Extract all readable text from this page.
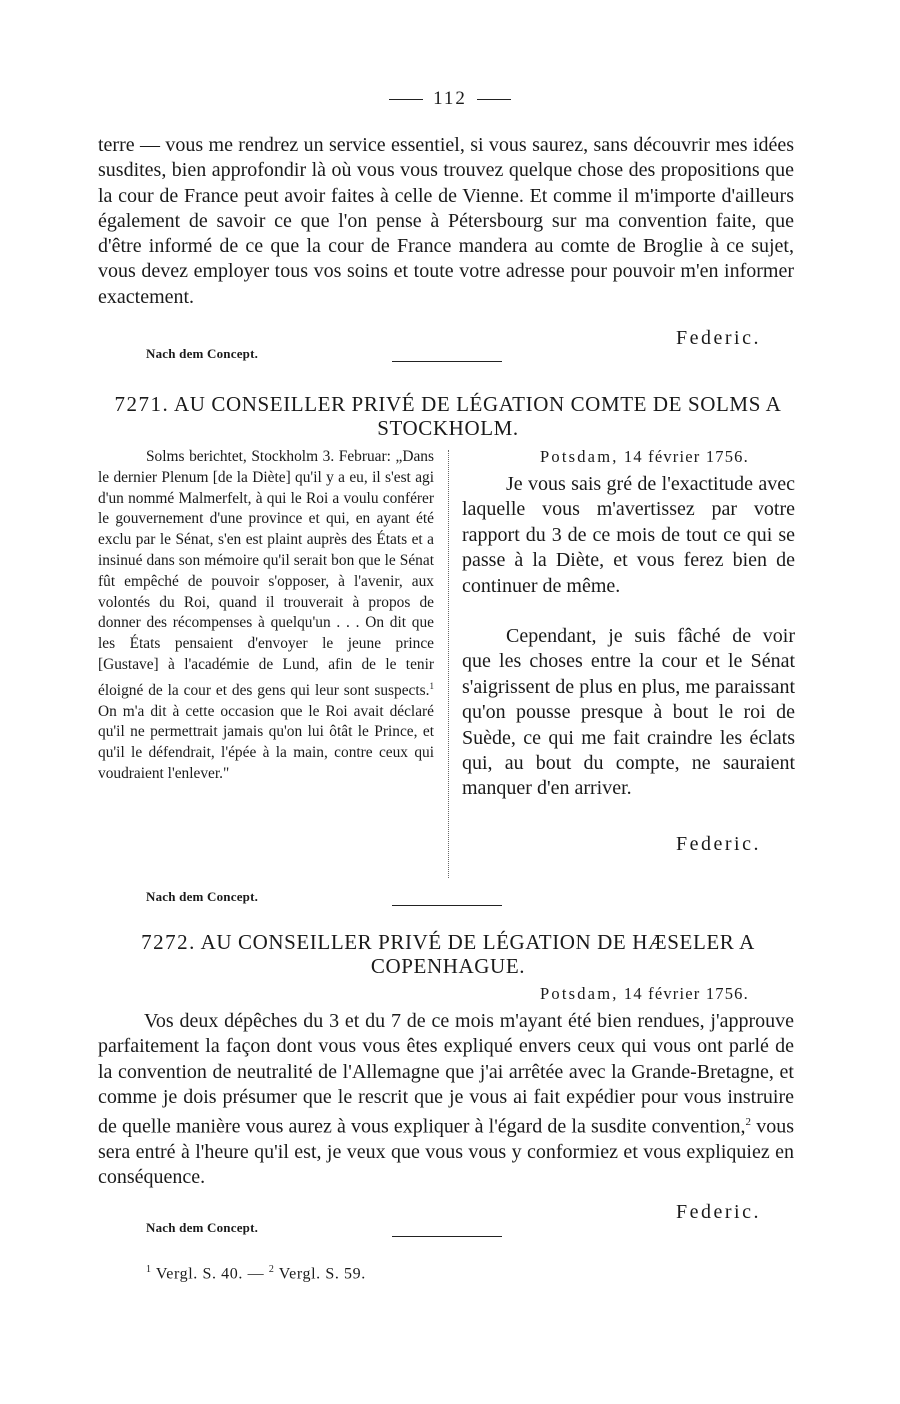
112
terre — vous me rendrez un service essentiel, si vous saurez, sans découvrir mes idées susdites, bien approfondir là où vous vous trouvez quelque chose des propositions que la cour de France peut avoir faites à celle de Vienne. Et comme il m'importe d'ailleurs également de savoir ce que l'on pense à Pétersbourg sur ma convention faite, que d'être informé de ce que la cour de France mandera au comte de Broglie à ce sujet, vous devez employer tous vos soins et toute votre adresse pour pouvoir m'en informer exactement.
Federic.
Nach dem Concept.
7271. AU CONSEILLER PRIVÉ DE LÉGATION COMTE DE SOLMS A STOCKHOLM.
Solms berichtet, Stockholm 3. Februar: „Dans le dernier Plenum [de la Diète] qu'il y a eu, il s'est agi d'un nommé Malmerfelt, à qui le Roi a voulu conférer le gouvernement d'une province et qui, en ayant été exclu par le Sénat, s'en est plaint auprès des États et a insinué dans son mémoire qu'il serait bon que le Sénat fût empêché de pouvoir s'opposer, à l'avenir, aux volontés du Roi, quand il trouverait à propos de donner des récompenses à quelqu'un . . . On dit que les États pensaient d'envoyer le jeune prince [Gustave] à l'académie de Lund, afin de le tenir éloigné de la cour et des gens qui leur sont suspects.$^1$ On m'a dit à cette occasion que le Roi avait déclaré qu'il ne permettrait jamais qu'on lui ôtât le Prince, et qu'il le défendrait, l'épée à la main, contre ceux qui voudraient l'enlever."
Potsdam, 14 février 1756.
Je vous sais gré de l'exactitude avec laquelle vous m'avertissez par votre rapport du 3 de ce mois de tout ce qui se passe à la Diète, et vous ferez bien de continuer de même.
Cependant, je suis fâché de voir que les choses entre la cour et le Sénat s'aigrissent de plus en plus, me paraissant qu'on pousse presque à bout le roi de Suède, ce qui me fait craindre les éclats qui, au bout du compte, ne sauraient manquer d'en arriver.
Federic.
Nach dem Concept.
7272. AU CONSEILLER PRIVÉ DE LÉGATION DE HÆSELER A COPENHAGUE.
Potsdam, 14 février 1756.
Vos deux dépêches du 3 et du 7 de ce mois m'ayant été bien rendues, j'approuve parfaitement la façon dont vous vous êtes expliqué envers ceux qui vous ont parlé de la convention de neutralité de l'Allemagne que j'ai arrêtée avec la Grande-Bretagne, et comme je dois présumer que le rescrit que je vous ai fait expédier pour vous instruire de quelle manière vous aurez à vous expliquer à l'égard de la susdite convention,$^2$ vous sera entré à l'heure qu'il est, je veux que vous vous y conformiez et vous expliquiez en conséquence.
Federic.
Nach dem Concept.
$^1$ Vergl. S. 40. — $^2$ Vergl. S. 59.
